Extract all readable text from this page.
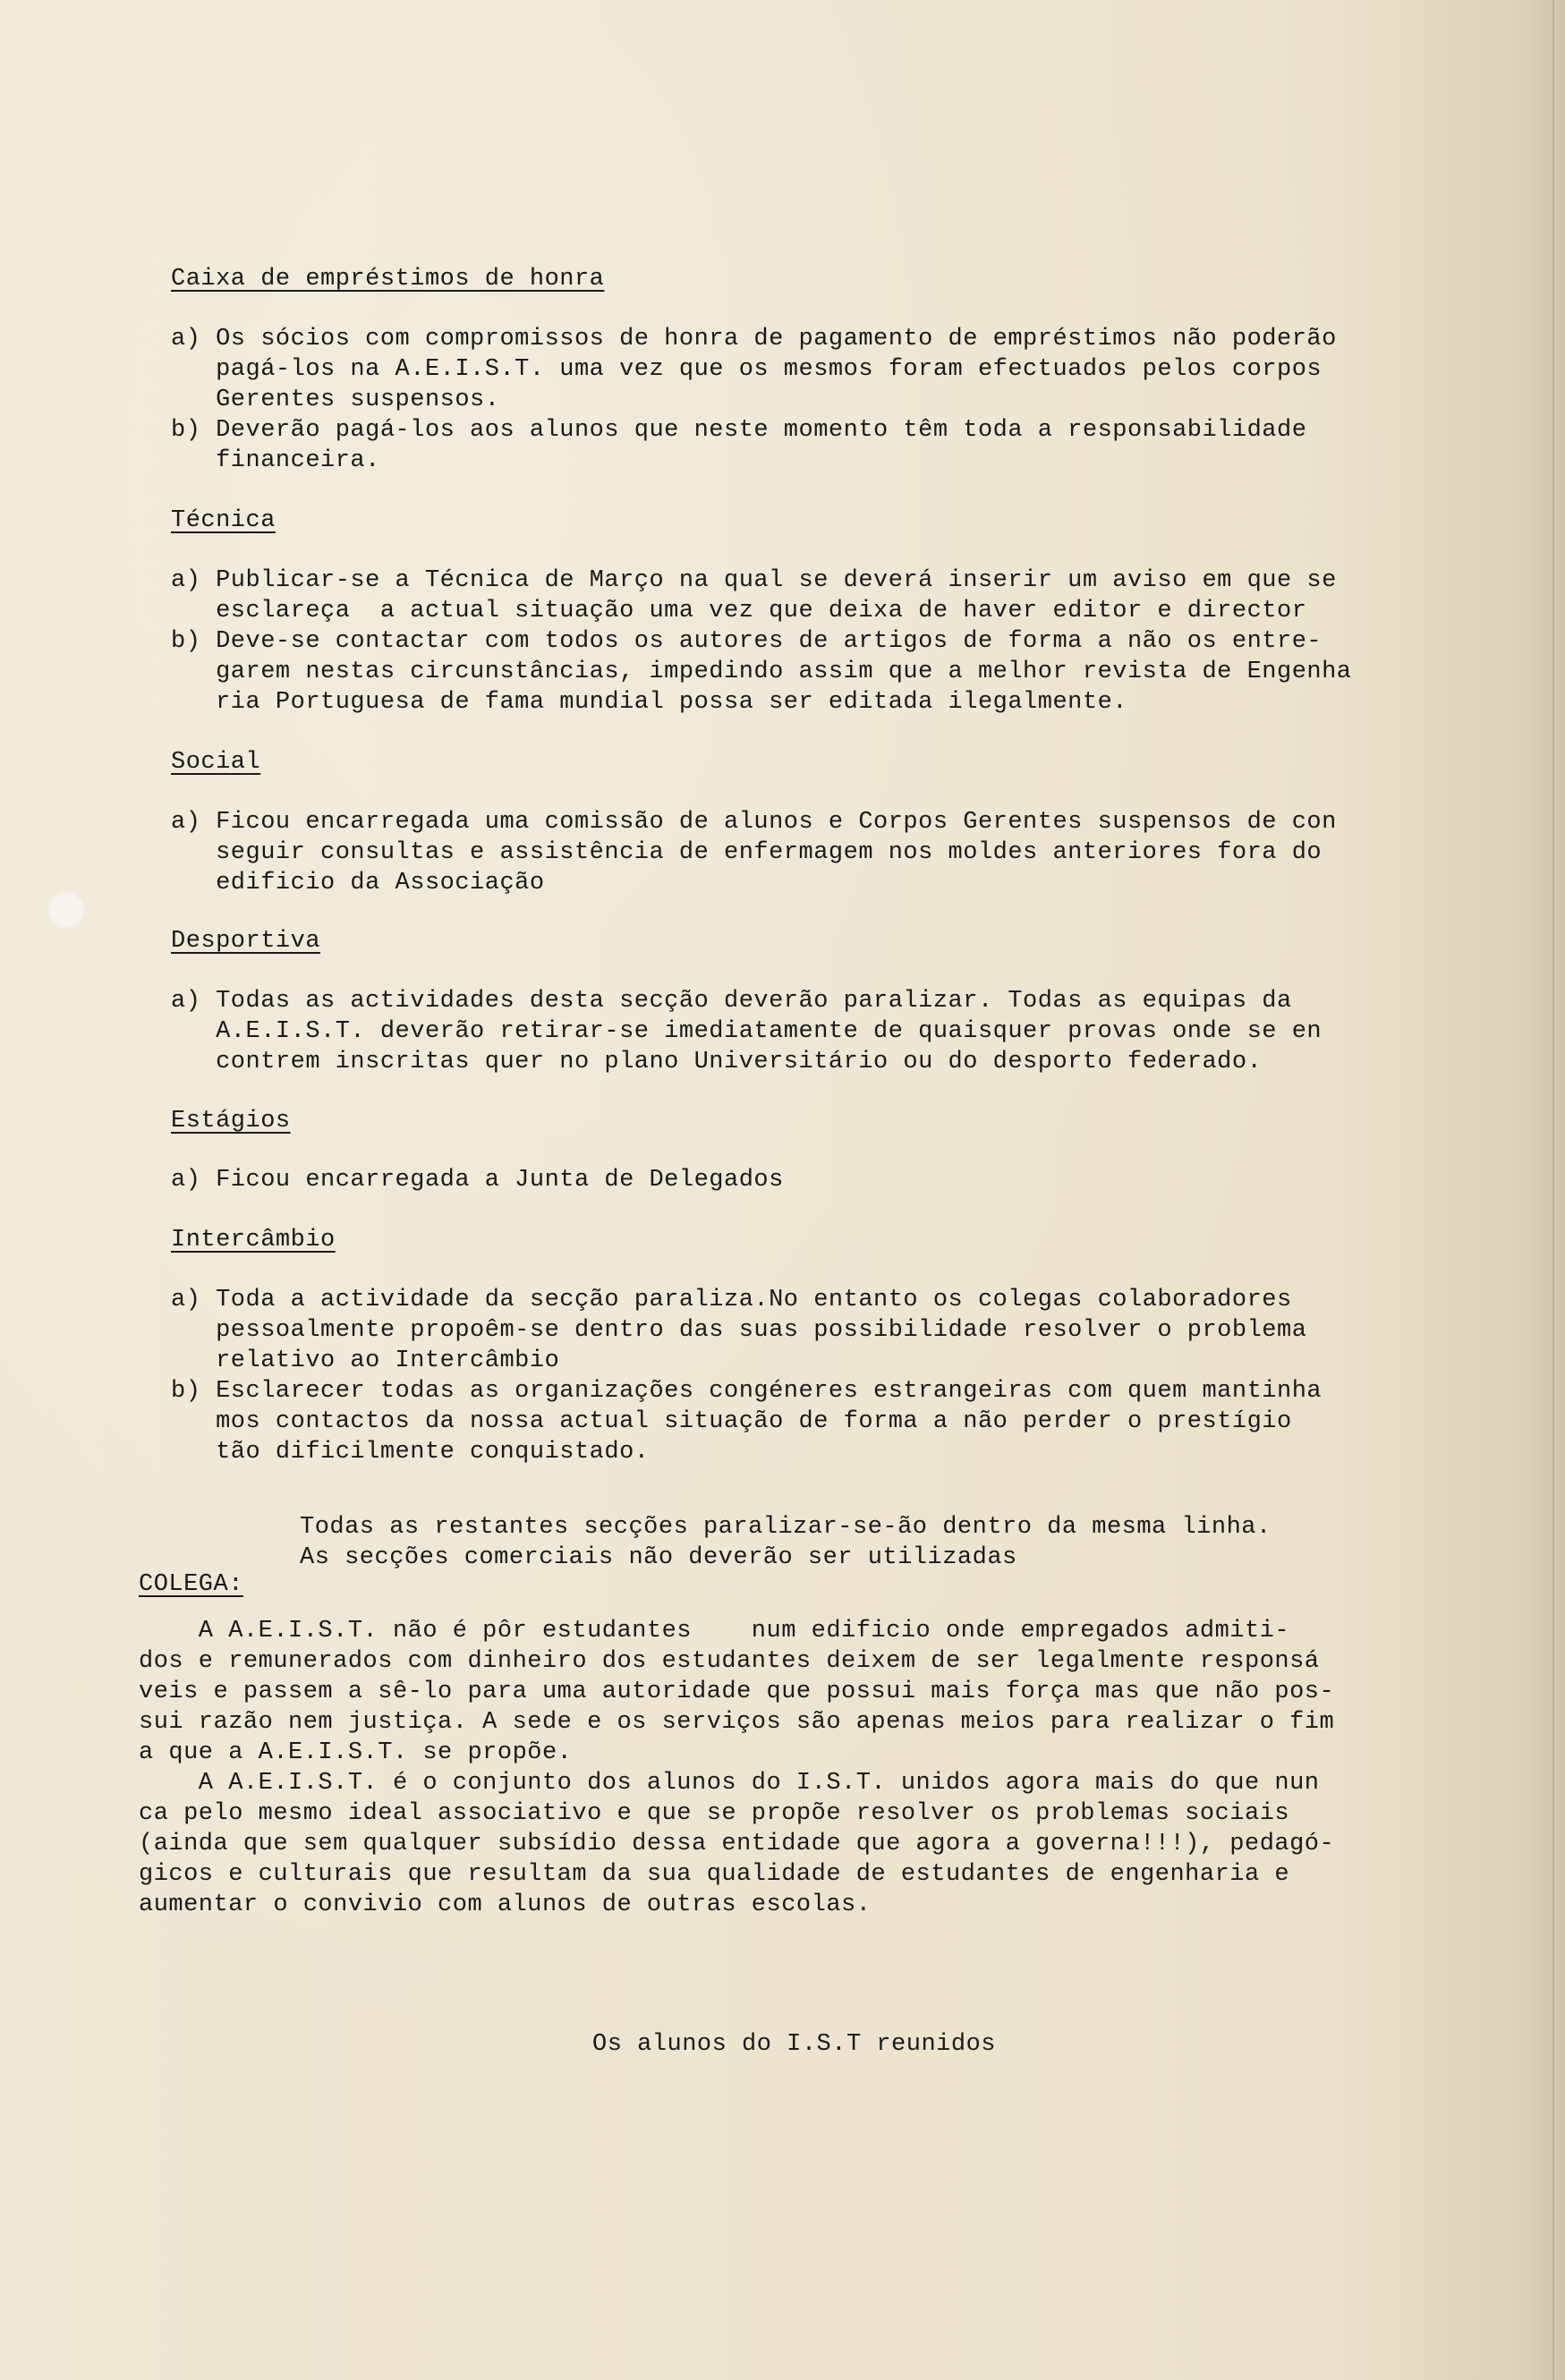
Caixa de empréstimos de honra
a) Os sócios com compromissos de honra de pagamento de empréstimos não poderão
pagá-los na A.E.I.S.T. uma vez que os mesmos foram efectuados pelos corpos
Gerentes suspensos.
b) Deverão pagá-los aos alunos que neste momento têm toda a responsabilidade
financeira.
Técnica
a) Publicar-se a Técnica de Março na qual se deverá inserir um aviso em que se
esclareça  a actual situação uma vez que deixa de haver editor e director
b) Deve-se contactar com todos os autores de artigos de forma a não os entre-
garem nestas circunstâncias, impedindo assim que a melhor revista de Engenha
ria Portuguesa de fama mundial possa ser editada ilegalmente.
Social
a) Ficou encarregada uma comissão de alunos e Corpos Gerentes suspensos de con
seguir consultas e assistência de enfermagem nos moldes anteriores fora do
edificio da Associação
Desportiva
a) Todas as actividades desta secção deverão paralizar. Todas as equipas da
A.E.I.S.T. deverão retirar-se imediatamente de quaisquer provas onde se en
contrem inscritas quer no plano Universitário ou do desporto federado.
Estágios
a) Ficou encarregada a Junta de Delegados
Intercâmbio
a) Toda a actividade da secção paraliza.No entanto os colegas colaboradores
pessoalmente propoêm-se dentro das suas possibilidade resolver o problema
relativo ao Intercâmbio
b) Esclarecer todas as organizações congéneres estrangeiras com quem mantinha
mos contactos da nossa actual situação de forma a não perder o prestígio
tão dificilmente conquistado.
Todas as restantes secções paralizar-se-ão dentro da mesma linha.
As secções comerciais não deverão ser utilizadas
COLEGA:
A A.E.I.S.T. não é pôr estudantes    num edificio onde empregados admiti-
dos e remunerados com dinheiro dos estudantes deixem de ser legalmente responsá
veis e passem a sê-lo para uma autoridade que possui mais força mas que não pos-
sui razão nem justiça. A sede e os serviços são apenas meios para realizar o fim
a que a A.E.I.S.T. se propõe.
A A.E.I.S.T. é o conjunto dos alunos do I.S.T. unidos agora mais do que nun
ca pelo mesmo ideal associativo e que se propõe resolver os problemas sociais
(ainda que sem qualquer subsídio dessa entidade que agora a governa!!!), pedagó-
gicos e culturais que resultam da sua qualidade de estudantes de engenharia e
aumentar o convivio com alunos de outras escolas.
Os alunos do I.S.T reunidos
